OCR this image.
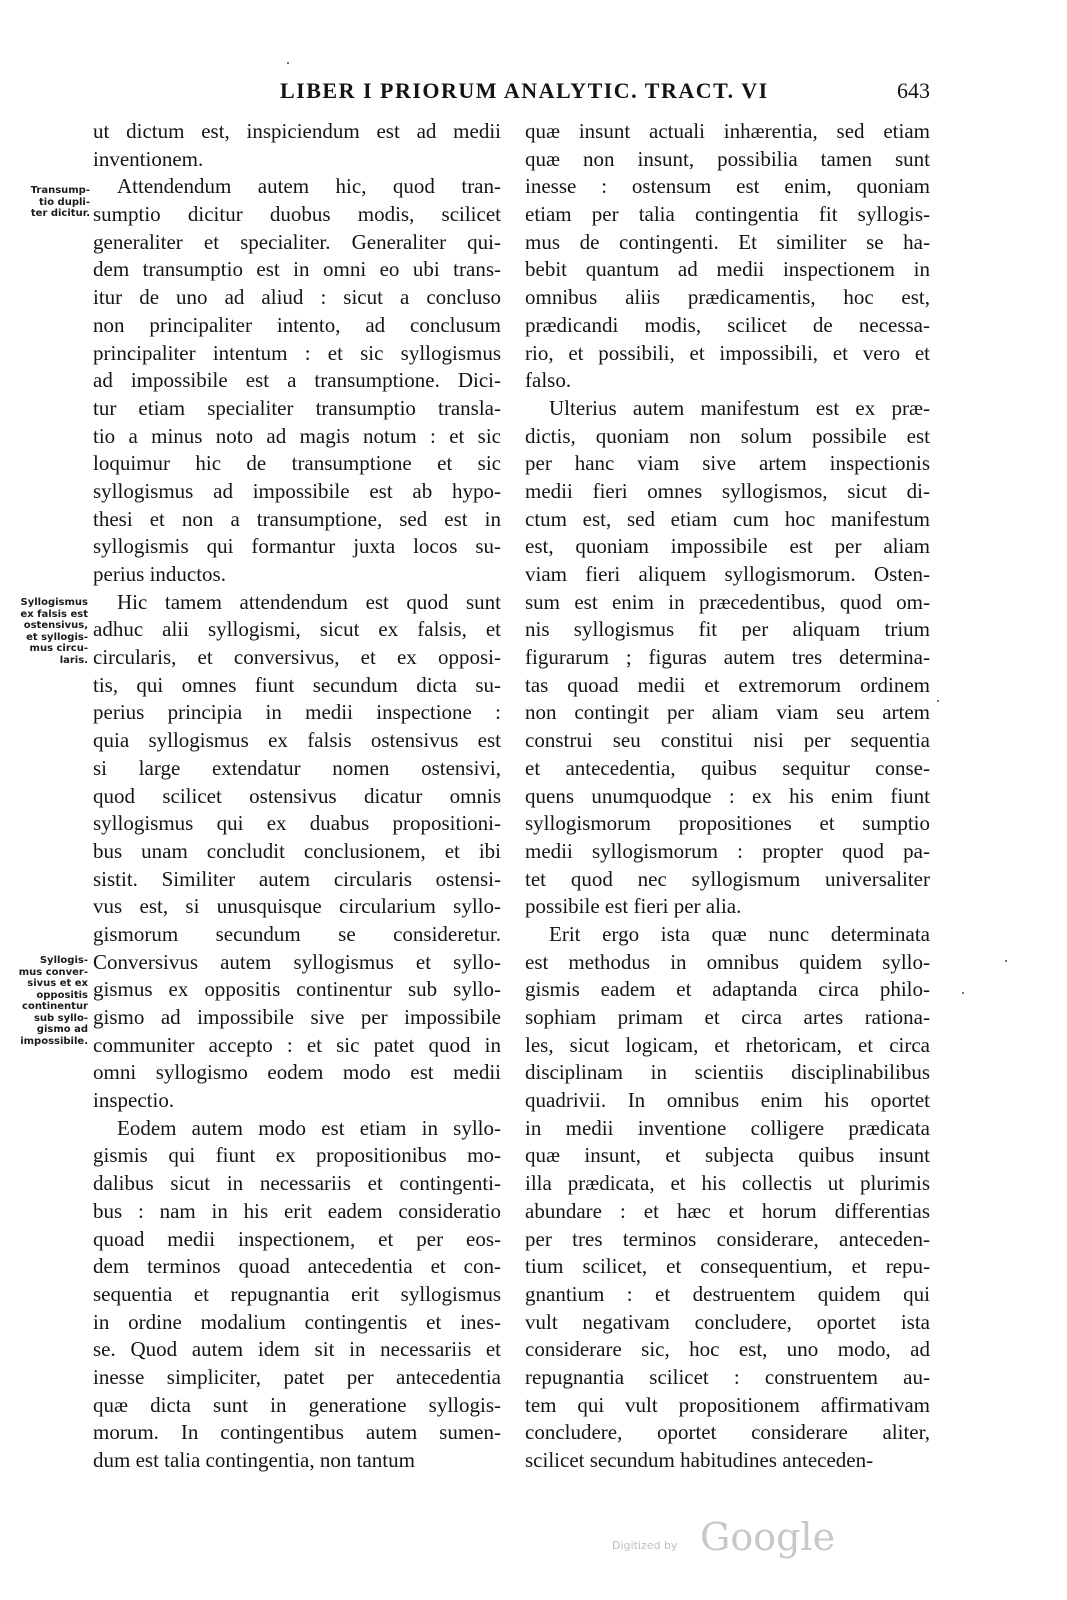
LIBER I PRIORUM ANALYTIC. TRACT. VI	643
Transump-
tio dupli-
ter dicitur.
Syllogismus
ex falsis est
ostensivus,
et syllogis-
mus circu-
laris.
Syllogis-
mus conver-
sivus et ex
oppositis
continentur
sub syllo-
gismo ad
impossibile.
ut dictum est, inspiciendum est ad medii
inventionem.
Attendendum autem hic, quod tran-
sumptio dicitur duobus modis, scilicet
generaliter et specialiter. Generaliter qui-
dem transumptio est in omni eo ubi trans-
itur de uno ad aliud : sicut a concluso
non principaliter intento, ad conclusum
principaliter intentum : et sic syllogismus
ad impossibile est a transumptione. Dici-
tur etiam specialiter transumptio transla-
tio a minus noto ad magis notum : et sic
loquimur hic de transumptione et sic
syllogismus ad impossibile est ab hypo-
thesi et non a transumptione, sed est in
syllogismis qui formantur juxta locos su-
perius inductos.
Hic tamem attendendum est quod sunt
adhuc alii syllogismi, sicut ex falsis, et
circularis, et conversivus, et ex opposi-
tis, qui omnes fiunt secundum dicta su-
perius principia in medii inspectione :
quia syllogismus ex falsis ostensivus est
si large extendatur nomen ostensivi,
quod scilicet ostensivus dicatur omnis
syllogismus qui ex duabus propositioni-
bus unam concludit conclusionem, et ibi
sistit. Similiter autem circularis ostensi-
vus est, si unusquisque circularium syllo-
gismorum secundum se consideretur.
Conversivus autem syllogismus et syllo-
gismus ex oppositis continentur sub syllo-
gismo ad impossibile sive per impossibile
communiter accepto : et sic patet quod in
omni syllogismo eodem modo est medii
inspectio.
Eodem autem modo est etiam in syllo-
gismis qui fiunt ex propositionibus mo-
dalibus sicut in necessariis et contingenti-
bus : nam in his erit eadem consideratio
quoad medii inspectionem, et per eos-
dem terminos quoad antecedentia et con-
sequentia et repugnantia erit syllogismus
in ordine modalium contingentis et ines-
se. Quod autem idem sit in necessariis et
inesse simpliciter, patet per antecedentia
quæ dicta sunt in generatione syllogis-
morum. In contingentibus autem sumen-
dum est talia contingentia, non tantum
quæ insunt actuali inhærentia, sed etiam
quæ non insunt, possibilia tamen sunt
inesse : ostensum est enim, quoniam
etiam per talia contingentia fit syllogis-
mus de contingenti. Et similiter se ha-
bebit quantum ad medii inspectionem in
omnibus aliis prædicamentis, hoc est,
prædicandi modis, scilicet de necessa-
rio, et possibili, et impossibili, et vero et
falso.
Ulterius autem manifestum est ex præ-
dictis, quoniam non solum possibile est
per hanc viam sive artem inspectionis
medii fieri omnes syllogismos, sicut di-
ctum est, sed etiam cum hoc manifestum
est, quoniam impossibile est per aliam
viam fieri aliquem syllogismorum. Osten-
sum est enim in præcedentibus, quod om-
nis syllogismus fit per aliquam trium
figurarum ; figuras autem tres determina-
tas quoad medii et extremorum ordinem
non contingit per aliam viam seu artem
construi seu constitui nisi per sequentia
et antecedentia, quibus sequitur conse-
quens unumquodque : ex his enim fiunt
syllogismorum propositiones et sumptio
medii syllogismorum : propter quod pa-
tet quod nec syllogismum universaliter
possibile est fieri per alia.
Erit ergo ista quæ nunc determinata
est methodus in omnibus quidem syllo-
gismis eadem et adaptanda circa philo-
sophiam primam et circa artes rationa-
les, sicut logicam, et rhetoricam, et circa
disciplinam in scientiis disciplinabilibus
quadrivii. In omnibus enim his oportet
in medii inventione colligere prædicata
quæ insunt, et subjecta quibus insunt
illa prædicata, et his collectis ut plurimis
abundare : et hæc et horum differentias
per tres terminos considerare, anteceden-
tium scilicet, et consequentium, et repu-
gnantium : et destruentem quidem qui
vult negativam concludere, oportet ista
considerare sic, hoc est, uno modo, ad
repugnantia scilicet : construentem au-
tem qui vult propositionem affirmativam
concludere, oportet considerare aliter,
scilicet secundum habitudines anteceden-
Digitized by Google
